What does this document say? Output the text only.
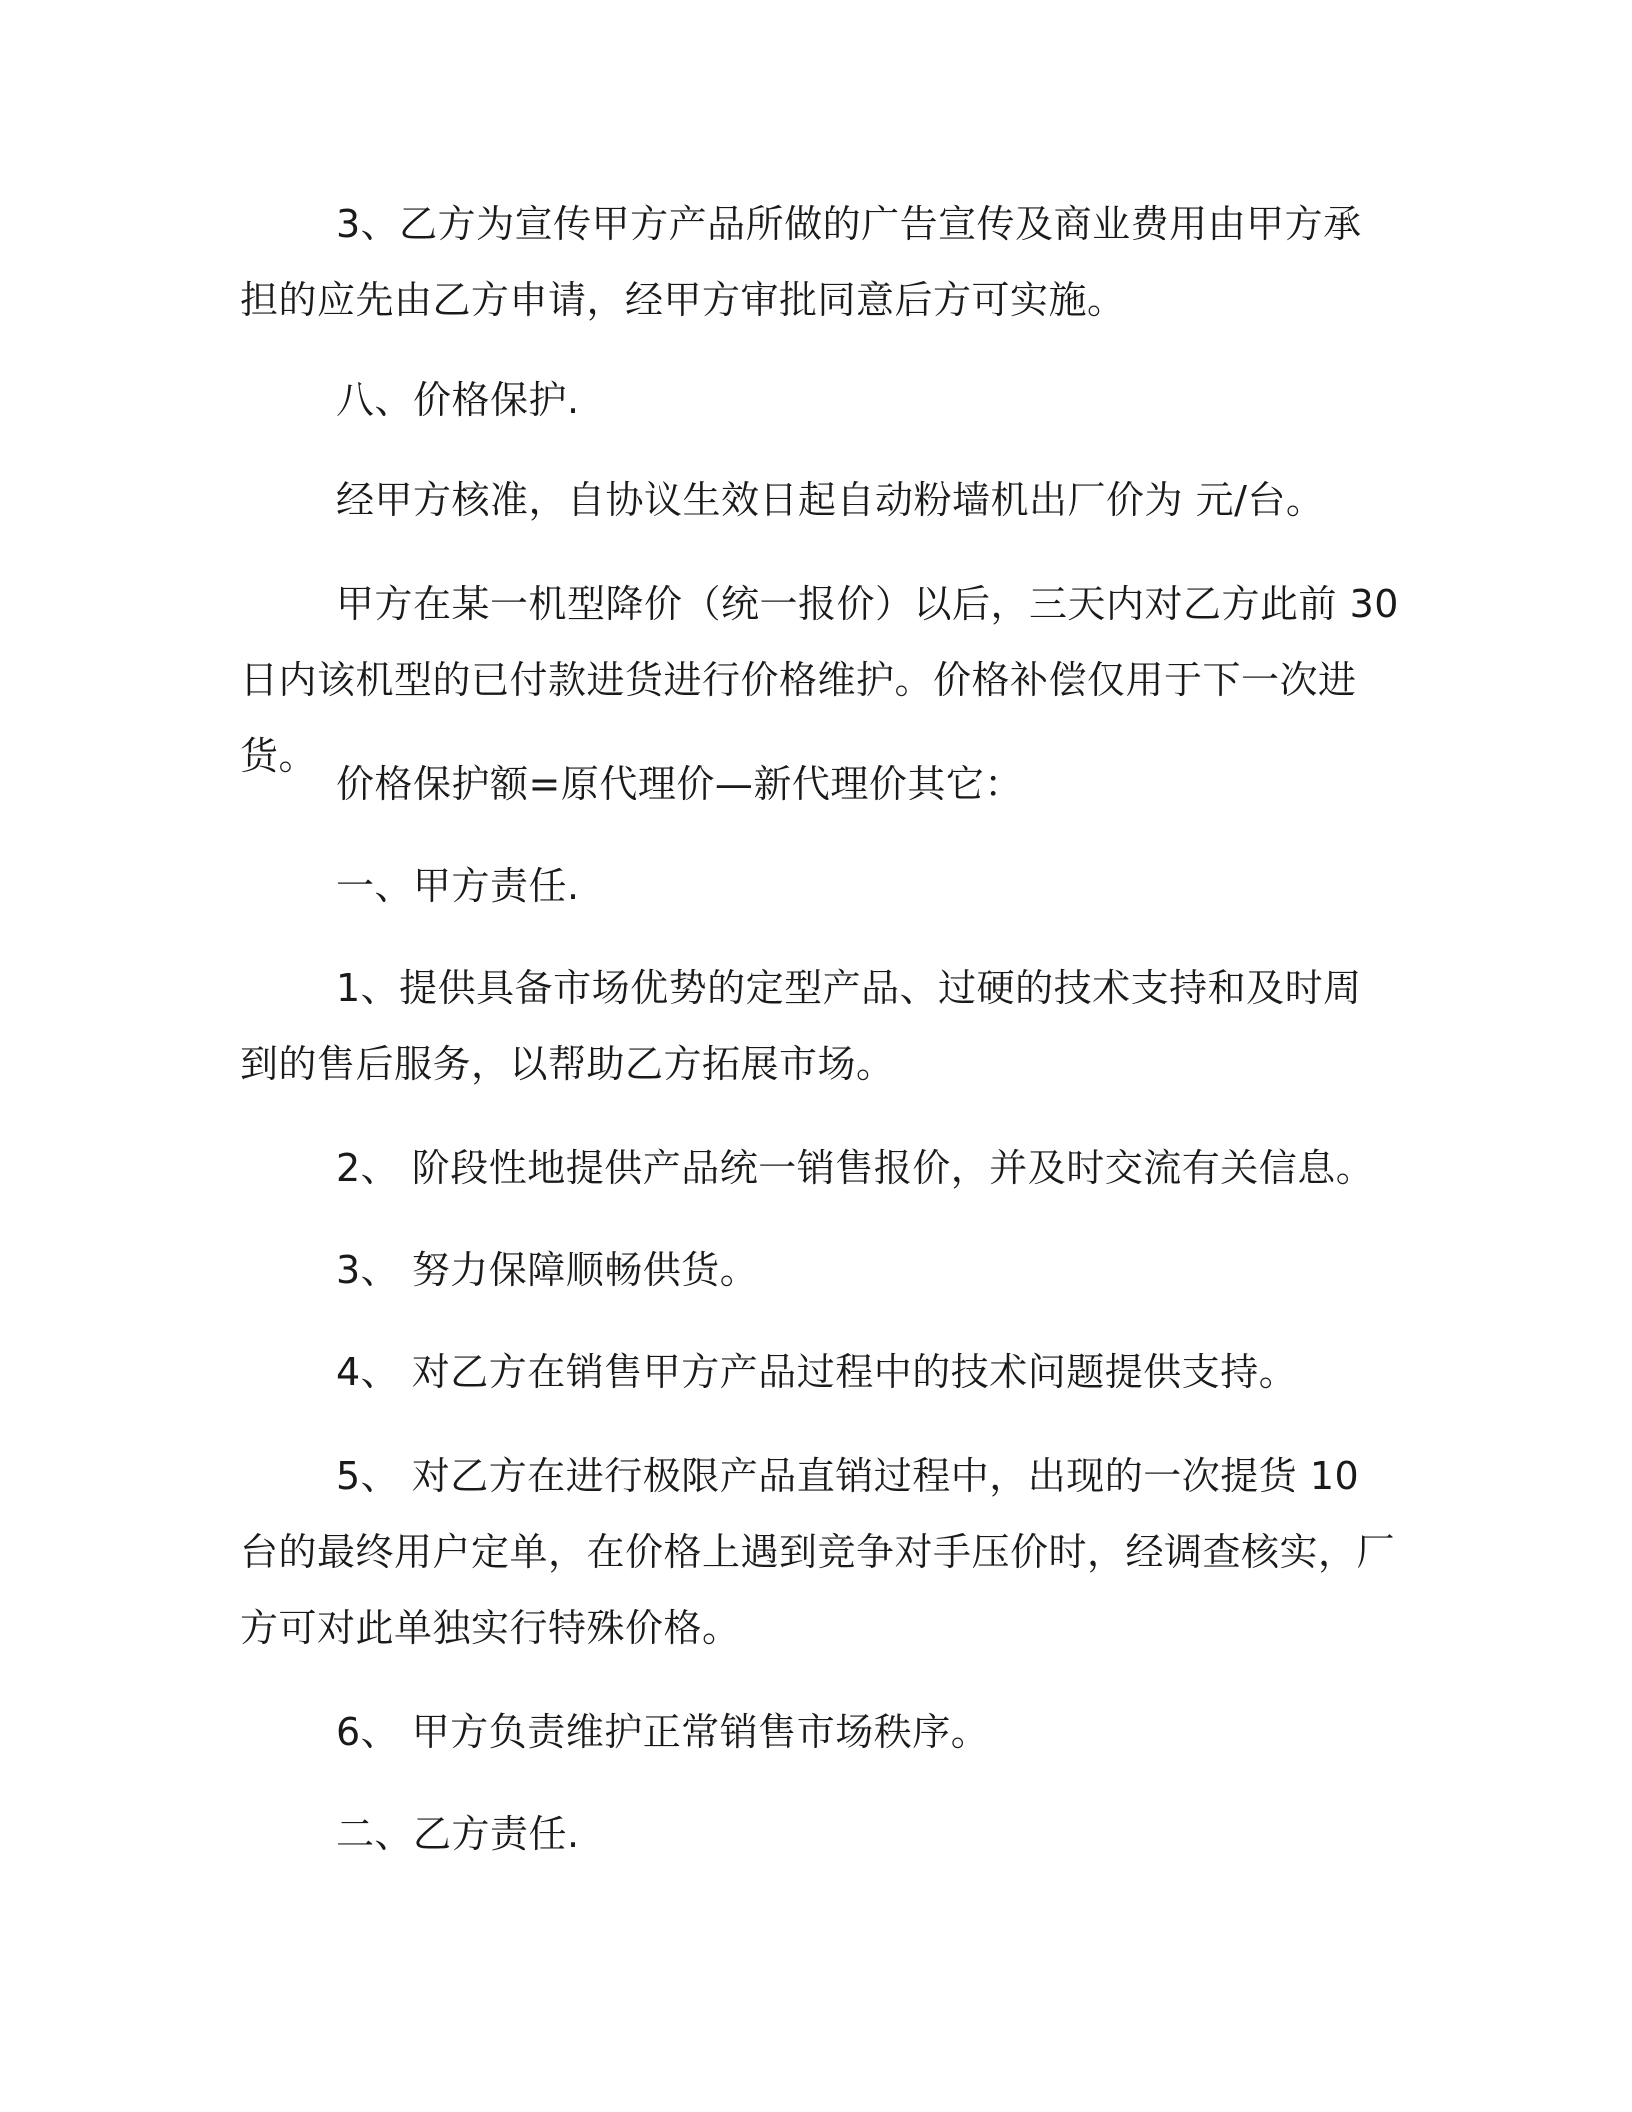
3、乙方为宣传甲方产品所做的广告宣传及商业费用由甲方承担的应先由乙方申请，经甲方审批同意后方可实施。

八、价格保护.

经甲方核准，自协议生效日起自动粉墙机出厂价为 元/台。

甲方在某一机型降价（统一报价）以后，三天内对乙方此前 30日内该机型的已付款进货进行价格维护。价格补偿仅用于下一次进货。

价格保护额=原代理价—新代理价其它：

一、甲方责任.

1、提供具备市场优势的定型产品、过硬的技术支持和及时周到的售后服务，以帮助乙方拓展市场。

2、 阶段性地提供产品统一销售报价，并及时交流有关信息。

3、 努力保障顺畅供货。

4、 对乙方在销售甲方产品过程中的技术问题提供支持。

5、 对乙方在进行极限产品直销过程中，出现的一次提货 10 台的最终用户定单，在价格上遇到竞争对手压价时，经调查核实，厂方可对此单独实行特殊价格。

6、 甲方负责维护正常销售市场秩序。

二、乙方责任.
